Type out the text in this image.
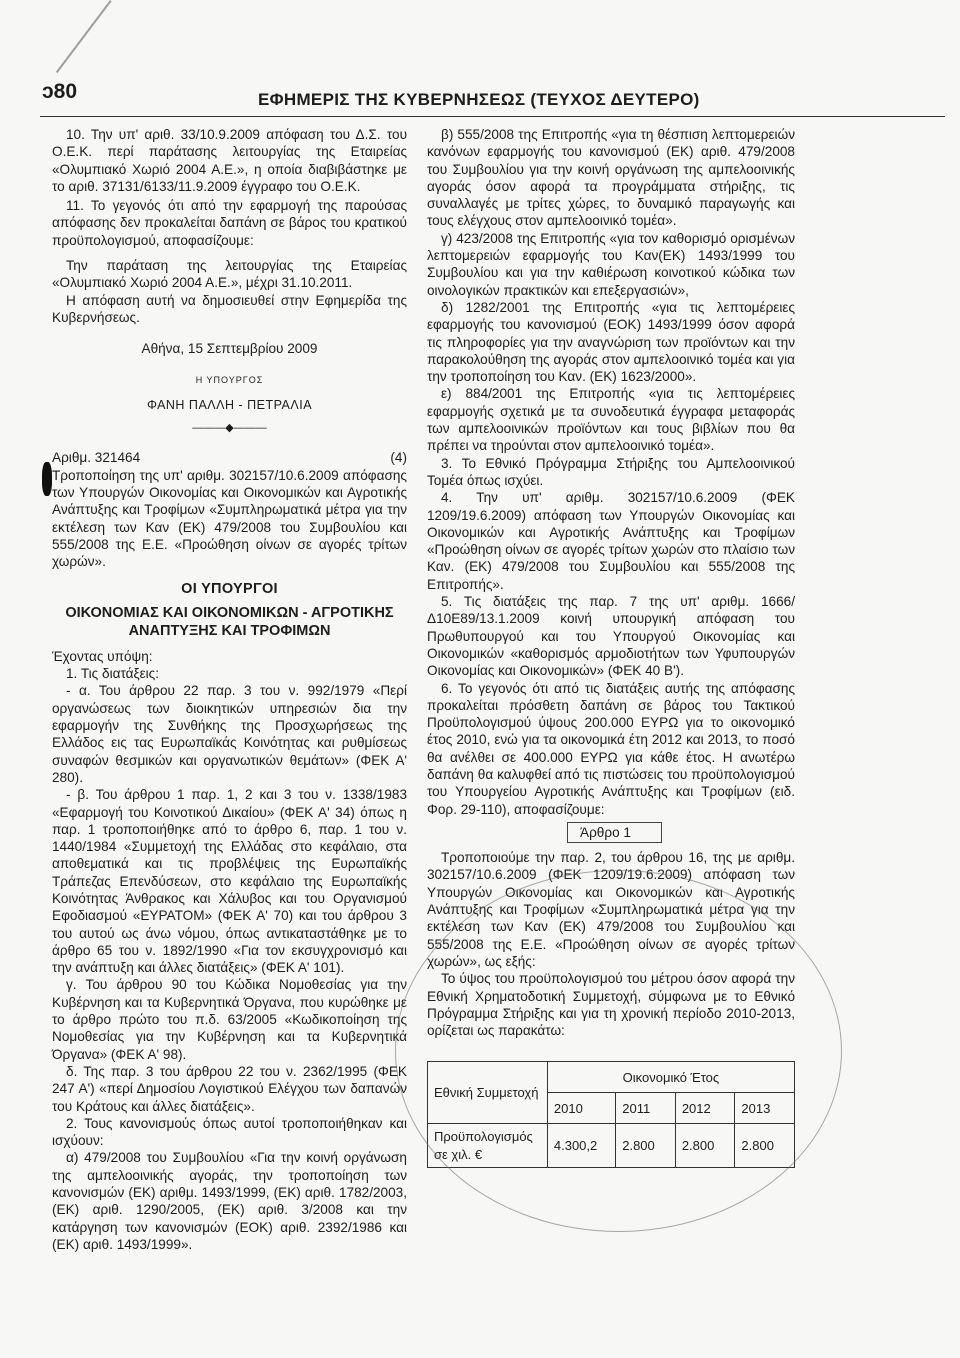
ͻ80	ΕΦΗΜΕΡΙΣ ΤΗΣ ΚΥΒΕΡΝΗΣΕΩΣ (ΤΕΥΧΟΣ ΔΕΥΤΕΡΟ)

10. Την υπ' αριθ. 33/10.9.2009 απόφαση του Δ.Σ. του Ο.Ε.Κ. περί παράτασης λειτουργίας της Εταιρείας «Ολυμπιακό Χωριό 2004 Α.Ε.», η οποία διαβιβάστηκε με το αριθ. 37131/6133/11.9.2009 έγγραφο του Ο.Ε.Κ.

11. Το γεγονός ότι από την εφαρμογή της παρούσας απόφασης δεν προκαλείται δαπάνη σε βάρος του κρατικού προϋπολογισμού, αποφασίζουμε:

Την παράταση της λειτουργίας της Εταιρείας «Ολυμπιακό Χωριό 2004 Α.Ε.», μέχρι 31.10.2011.

Η απόφαση αυτή να δημοσιευθεί στην Εφημερίδα της Κυβερνήσεως.

Αθήνα, 15 Σεπτεμβρίου 2009
Η ΥΠΟΥΡΓΟΣ
ΦΑΝΗ ΠΑΛΛΗ - ΠΕΤΡΑΛΙΑ
———◆———
Αριθμ. 321464	(4)

Τροποποίηση της υπ' αριθμ. 302157/10.6.2009 απόφασης των Υπουργών Οικονομίας και Οικονομικών και Αγροτικής Ανάπτυξης και Τροφίμων «Συμπληρωματικά μέτρα για την εκτέλεση των Καν (ΕΚ) 479/2008 του Συμβουλίου και 555/2008 της Ε.Ε. «Προώθηση οίνων σε αγορές τρίτων χωρών».

ΟΙ ΥΠΟΥΡΓΟΙ
ΟΙΚΟΝΟΜΙΑΣ ΚΑΙ ΟΙΚΟΝΟΜΙΚΩΝ - ΑΓΡΟΤΙΚΗΣ ΑΝΑΠΤΥΞΗΣ ΚΑΙ ΤΡΟΦΙΜΩΝ

Έχοντας υπόψη:

1. Τις διατάξεις:

- α. Του άρθρου 22 παρ. 3 του ν. 992/1979 «Περί οργανώσεως των διοικητικών υπηρεσιών δια την εφαρμογήν της Συνθήκης της Προσχωρήσεως της Ελλάδος εις τας Ευρωπαϊκάς Κοινότητας και ρυθμίσεως συναφών θεσμικών και οργανωτικών θεμάτων» (ΦΕΚ Α' 280).

- β. Του άρθρου 1 παρ. 1, 2 και 3 του ν. 1338/1983 «Εφαρμογή του Κοινοτικού Δικαίου» (ΦΕΚ Α' 34) όπως η παρ. 1 τροποποιήθηκε από το άρθρο 6, παρ. 1 του ν. 1440/1984 «Συμμετοχή της Ελλάδας στο κεφάλαιο, στα αποθεματικά και τις προβλέψεις της Ευρωπαϊκής Τράπεζας Επενδύσεων, στο κεφάλαιο της Ευρωπαϊκής Κοινότητας Άνθρακος και Χάλυβος και του Οργανισμού Εφοδιασμού «ΕΥΡΑΤΟΜ» (ΦΕΚ Α' 70) και του άρθρου 3 του αυτού ως άνω νόμου, όπως αντικαταστάθηκε με το άρθρο 65 του ν. 1892/1990 «Για τον εκσυγχρονισμό και την ανάπτυξη και άλλες διατάξεις» (ΦΕΚ Α' 101).

γ. Του άρθρου 90 του Κώδικα Νομοθεσίας για την Κυβέρνηση και τα Κυβερνητικά Όργανα, που κυρώθηκε με το άρθρο πρώτο του π.δ. 63/2005 «Κωδικοποίηση της Νομοθεσίας για την Κυβέρνηση και τα Κυβερνητικά Όργανα» (ΦΕΚ Α' 98).

δ. Της παρ. 3 του άρθρου 22 του ν. 2362/1995 (ΦΕΚ 247 Α') «περί Δημοσίου Λογιστικού Ελέγχου των δαπανών του Κράτους και άλλες διατάξεις».

2. Τους κανονισμούς όπως αυτοί τροποποιήθηκαν και ισχύουν:

α) 479/2008 του Συμβουλίου «Για την κοινή οργάνωση της αμπελοοινικής αγοράς, την τροποποίηση των κανονισμών (ΕΚ) αριθμ. 1493/1999, (ΕΚ) αριθ. 1782/2003, (ΕΚ) αριθ. 1290/2005, (ΕΚ) αριθ. 3/2008 και την κατάργηση των κανονισμών (ΕΟΚ) αριθ. 2392/1986 και (ΕΚ) αριθ. 1493/1999».

β) 555/2008 της Επιτροπής «για τη θέσπιση λεπτομερειών κανόνων εφαρμογής του κανονισμού (ΕΚ) αριθ. 479/2008 του Συμβουλίου για την κοινή οργάνωση της αμπελοοινικής αγοράς όσον αφορά τα προγράμματα στήριξης, τις συναλλαγές με τρίτες χώρες, το δυναμικό παραγωγής και τους ελέγχους στον αμπελοοινικό τομέα».

γ) 423/2008 της Επιτροπής «για τον καθορισμό ορισμένων λεπτομερειών εφαρμογής του Καν(ΕΚ) 1493/1999 του Συμβουλίου και για την καθιέρωση κοινοτικού κώδικα των οινολογικών πρακτικών και επεξεργασιών»,

δ) 1282/2001 της Επιτροπής «για τις λεπτομέρειες εφαρμογής του κανονισμού (ΕΟΚ) 1493/1999 όσον αφορά τις πληροφορίες για την αναγνώριση των προϊόντων και την παρακολούθηση της αγοράς στον αμπελοοινικό τομέα και για την τροποποίηση του Καν. (ΕΚ) 1623/2000».

ε) 884/2001 της Επιτροπής «για τις λεπτομέρειες εφαρμογής σχετικά με τα συνοδευτικά έγγραφα μεταφοράς των αμπελοοινικών προϊόντων και τους βιβλίων που θα πρέπει να τηρούνται στον αμπελοοινικό τομέα».

3. Το Εθνικό Πρόγραμμα Στήριξης του Αμπελοοινικού Τομέα όπως ισχύει.

4. Την υπ' αριθμ. 302157/10.6.2009 (ΦΕΚ 1209/19.6.2009) απόφαση των Υπουργών Οικονομίας και Οικονομικών και Αγροτικής Ανάπτυξης και Τροφίμων «Προώθηση οίνων σε αγορές τρίτων χωρών στο πλαίσιο των Καν. (ΕΚ) 479/2008 του Συμβουλίου και 555/2008 της Επιτροπής».

5. Τις διατάξεις της παρ. 7 της υπ' αριθμ. 1666/Δ10Ε89/13.1.2009 κοινή υπουργική απόφαση του Πρωθυπουργού και του Υπουργού Οικονομίας και Οικονομικών «καθορισμός αρμοδιοτήτων των Υφυπουργών Οικονομίας και Οικονομικών» (ΦΕΚ 40 Β').

6. Το γεγονός ότι από τις διατάξεις αυτής της απόφασης προκαλείται πρόσθετη δαπάνη σε βάρος του Τακτικού Προϋπολογισμού ύψους 200.000 ΕΥΡΩ για το οικονομικό έτος 2010, ενώ για τα οικονομικά έτη 2012 και 2013, το ποσό θα ανέλθει σε 400.000 ΕΥΡΩ για κάθε έτος. Η ανωτέρω δαπάνη θα καλυφθεί από τις πιστώσεις του προϋπολογισμού του Υπουργείου Αγροτικής Ανάπτυξης και Τροφίμων (ειδ. Φορ. 29-110), αποφασίζουμε:

Άρθρο 1

Τροποποιούμε την παρ. 2, του άρθρου 16, της με αριθμ. 302157/10.6.2009 (ΦΕΚ 1209/19.6.2009) απόφαση των Υπουργών Οικονομίας και Οικονομικών και Αγροτικής Ανάπτυξης και Τροφίμων «Συμπληρωματικά μέτρα για την εκτέλεση των Καν (ΕΚ) 479/2008 του Συμβουλίου και 555/2008 της Ε.Ε. «Προώθηση οίνων σε αγορές τρίτων χωρών», ως εξής:

Το ύψος του προϋπολογισμού του μέτρου όσον αφορά την Εθνική Χρηματοδοτική Συμμετοχή, σύμφωνα με το Εθνικό Πρόγραμμα Στήριξης και για τη χρονική περίοδο 2010-2013, ορίζεται ως παρακάτω:

Εθνική Συμμετοχή	Οικονομικό Έτος			
	2010	2011	2012	2013
Προϋπολογισμός σε χιλ. €	4.300,2	2.800	2.800	2.800
